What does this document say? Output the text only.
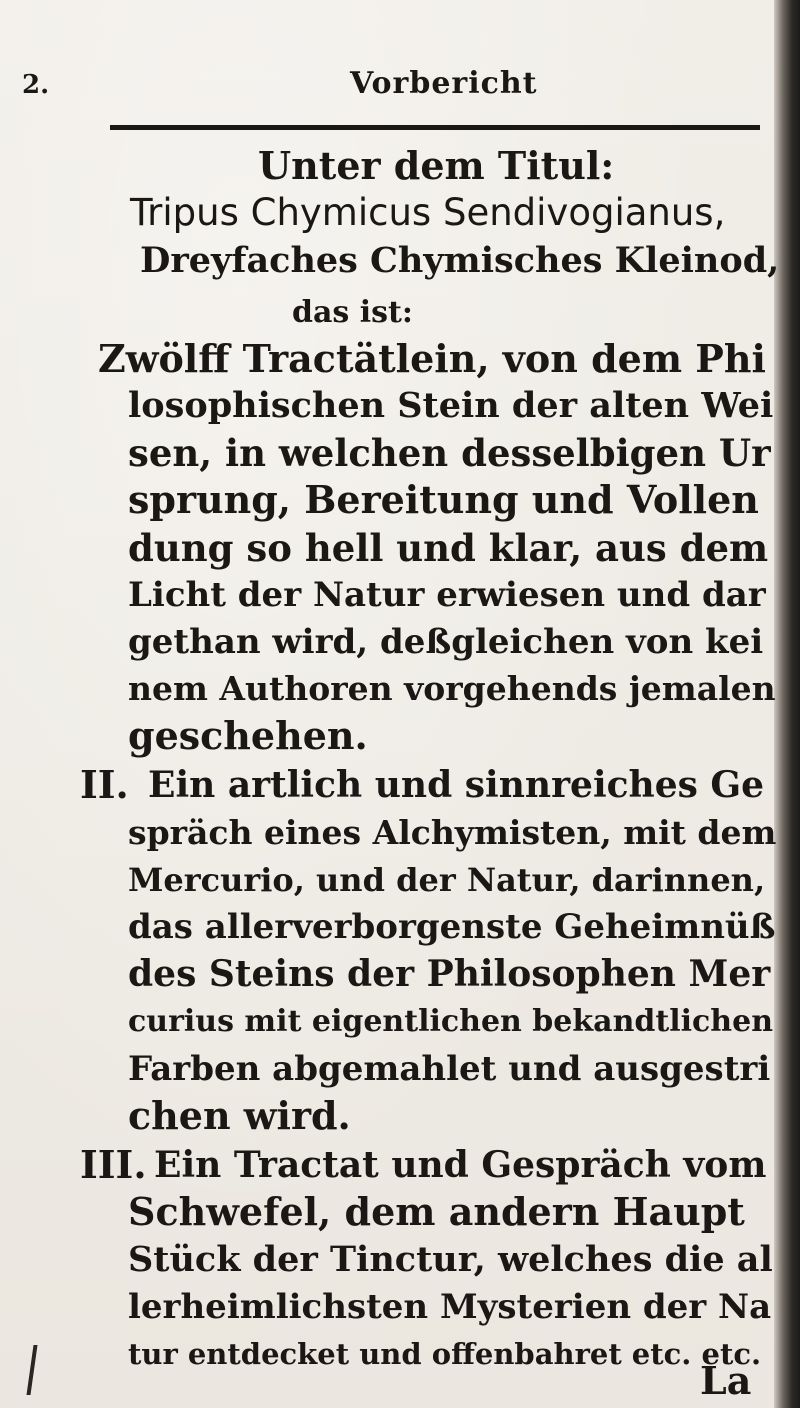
2.	Vorbericht
Unter dem Titul:
Tripus Chymicus Sendivogianus,
Dreyfaches Chymisches Kleinod,
das ist:
Zwölff Tractätlein, von dem Phi
losophischen Stein der alten Wei
sen, in welchen desselbigen Ur
sprung, Bereitung und Vollen
dung so hell und klar, aus dem
Licht der Natur erwiesen und dar
gethan wird, deßgleichen von kei
nem Authoren vorgehends jemalen
geschehen.
II. Ein artlich und sinnreiches Ge
spräch eines Alchymisten, mit dem
Mercurio, und der Natur, darinnen,
das allerverborgenste Geheimnüß
des Steins der Philosophen Mer
curius mit eigentlichen bekandtlichen
Farben abgemahlet und ausgestri
chen wird.
III. Ein Tractat und Gespräch vom
Schwefel, dem andern Haupt
Stück der Tinctur, welches die al
lerheimlichsten Mysterien der Na
tur entdecket und offenbahret etc. etc.
La
